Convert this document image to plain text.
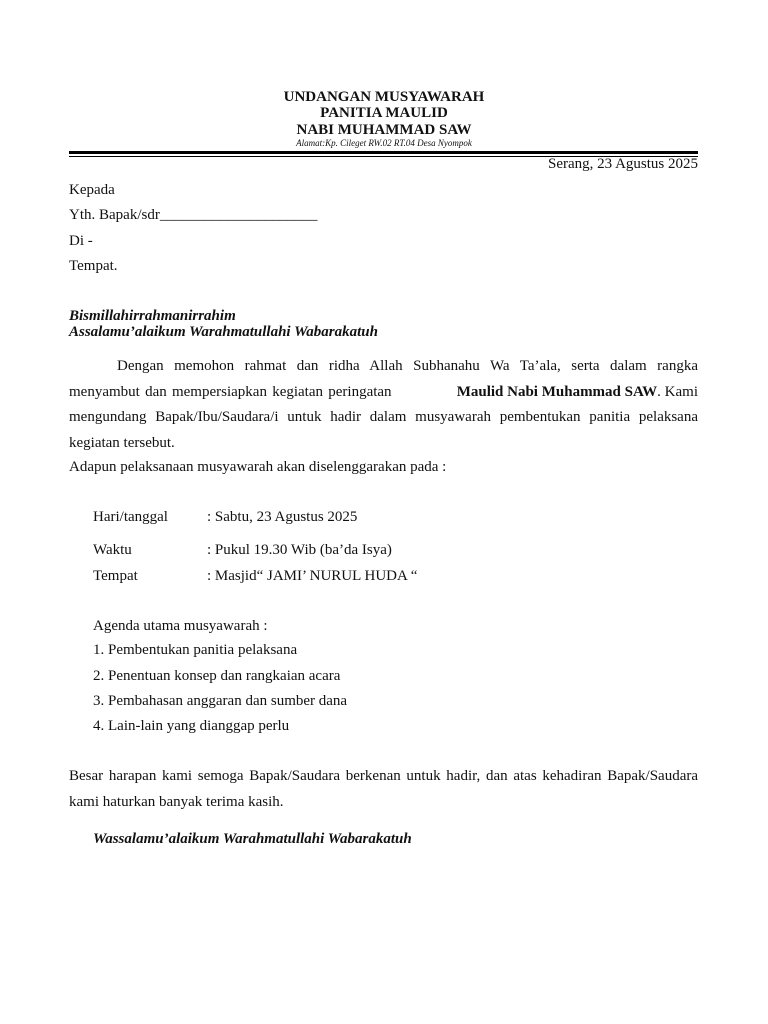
UNDANGAN MUSYAWARAH
PANITIA MAULID
NABI MUHAMMAD SAW
Alamat:Kp. Cileget RW.02 RT.04 Desa Nyompok
Serang, 23 Agustus 2025
Kepada
Yth. Bapak/sdr_____________________
Di -
Tempat.
Bismillahirrahmanirrahim
Assalamu’alaikum Warahmatullahi Wabarakatuh
Dengan memohon rahmat dan ridha Allah Subhanahu Wa Ta’ala, serta dalam rangka
menyambut dan mempersiapkan kegiatan peringatan	Maulid Nabi Muhammad SAW. Kami
mengundang Bapak/Ibu/Saudara/i untuk hadir dalam musyawarah pembentukan panitia pelaksana
kegiatan tersebut.
Adapun pelaksanaan musyawarah akan diselenggarakan pada :
Hari/tanggal	: Sabtu, 23 Agustus 2025
Waktu	: Pukul 19.30 Wib (ba’da Isya)
Tempat	: Masjid“ JAMI’ NURUL HUDA “
Agenda utama musyawarah :
1. Pembentukan panitia pelaksana
2. Penentuan konsep dan rangkaian acara
3. Pembahasan anggaran dan sumber dana
4. Lain-lain yang dianggap perlu
Besar harapan kami semoga Bapak/Saudara berkenan untuk hadir, dan atas kehadiran Bapak/Saudara
kami haturkan banyak terima kasih.
Wassalamu’alaikum Warahmatullahi Wabarakatuh
